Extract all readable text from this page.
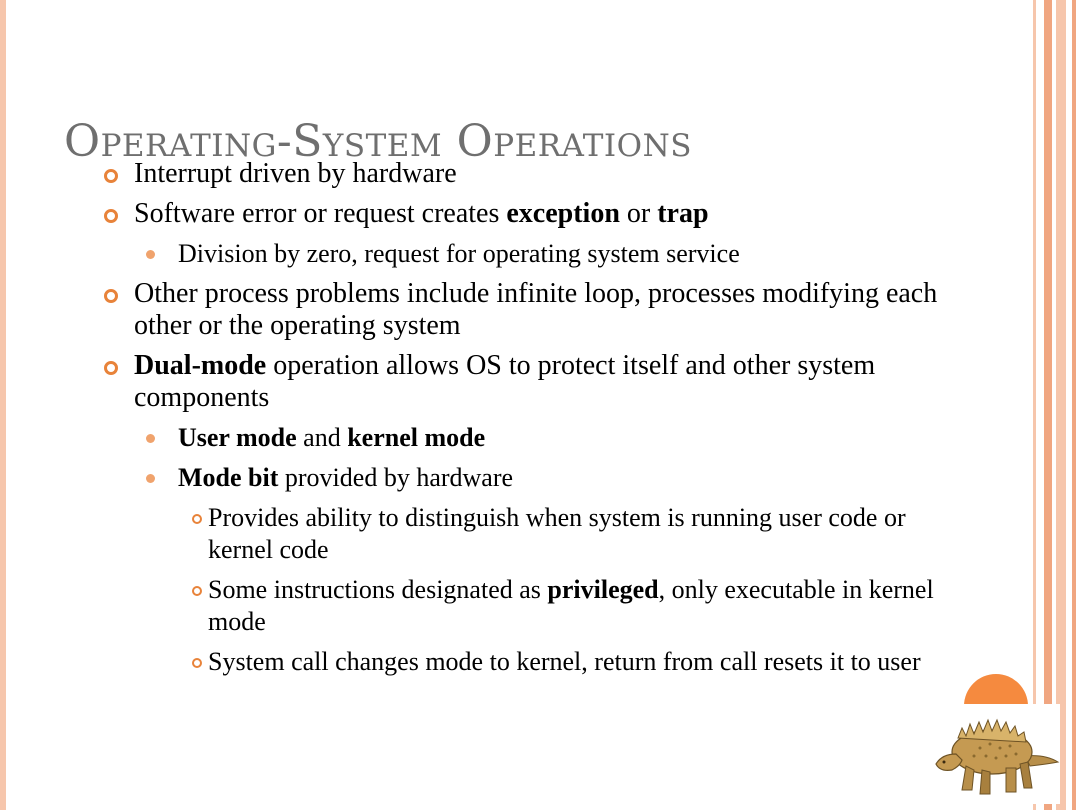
Operating-System Operations
Interrupt driven by hardware
Software error or request creates exception or trap
Division by zero, request for operating system service
Other process problems include infinite loop, processes modifying each other or the operating system
Dual-mode operation allows OS to protect itself and other system components
User mode and kernel mode
Mode bit provided by hardware
Provides ability to distinguish when system is running user code or kernel code
Some instructions designated as privileged, only executable in kernel mode
System call changes mode to kernel, return from call resets it to user
